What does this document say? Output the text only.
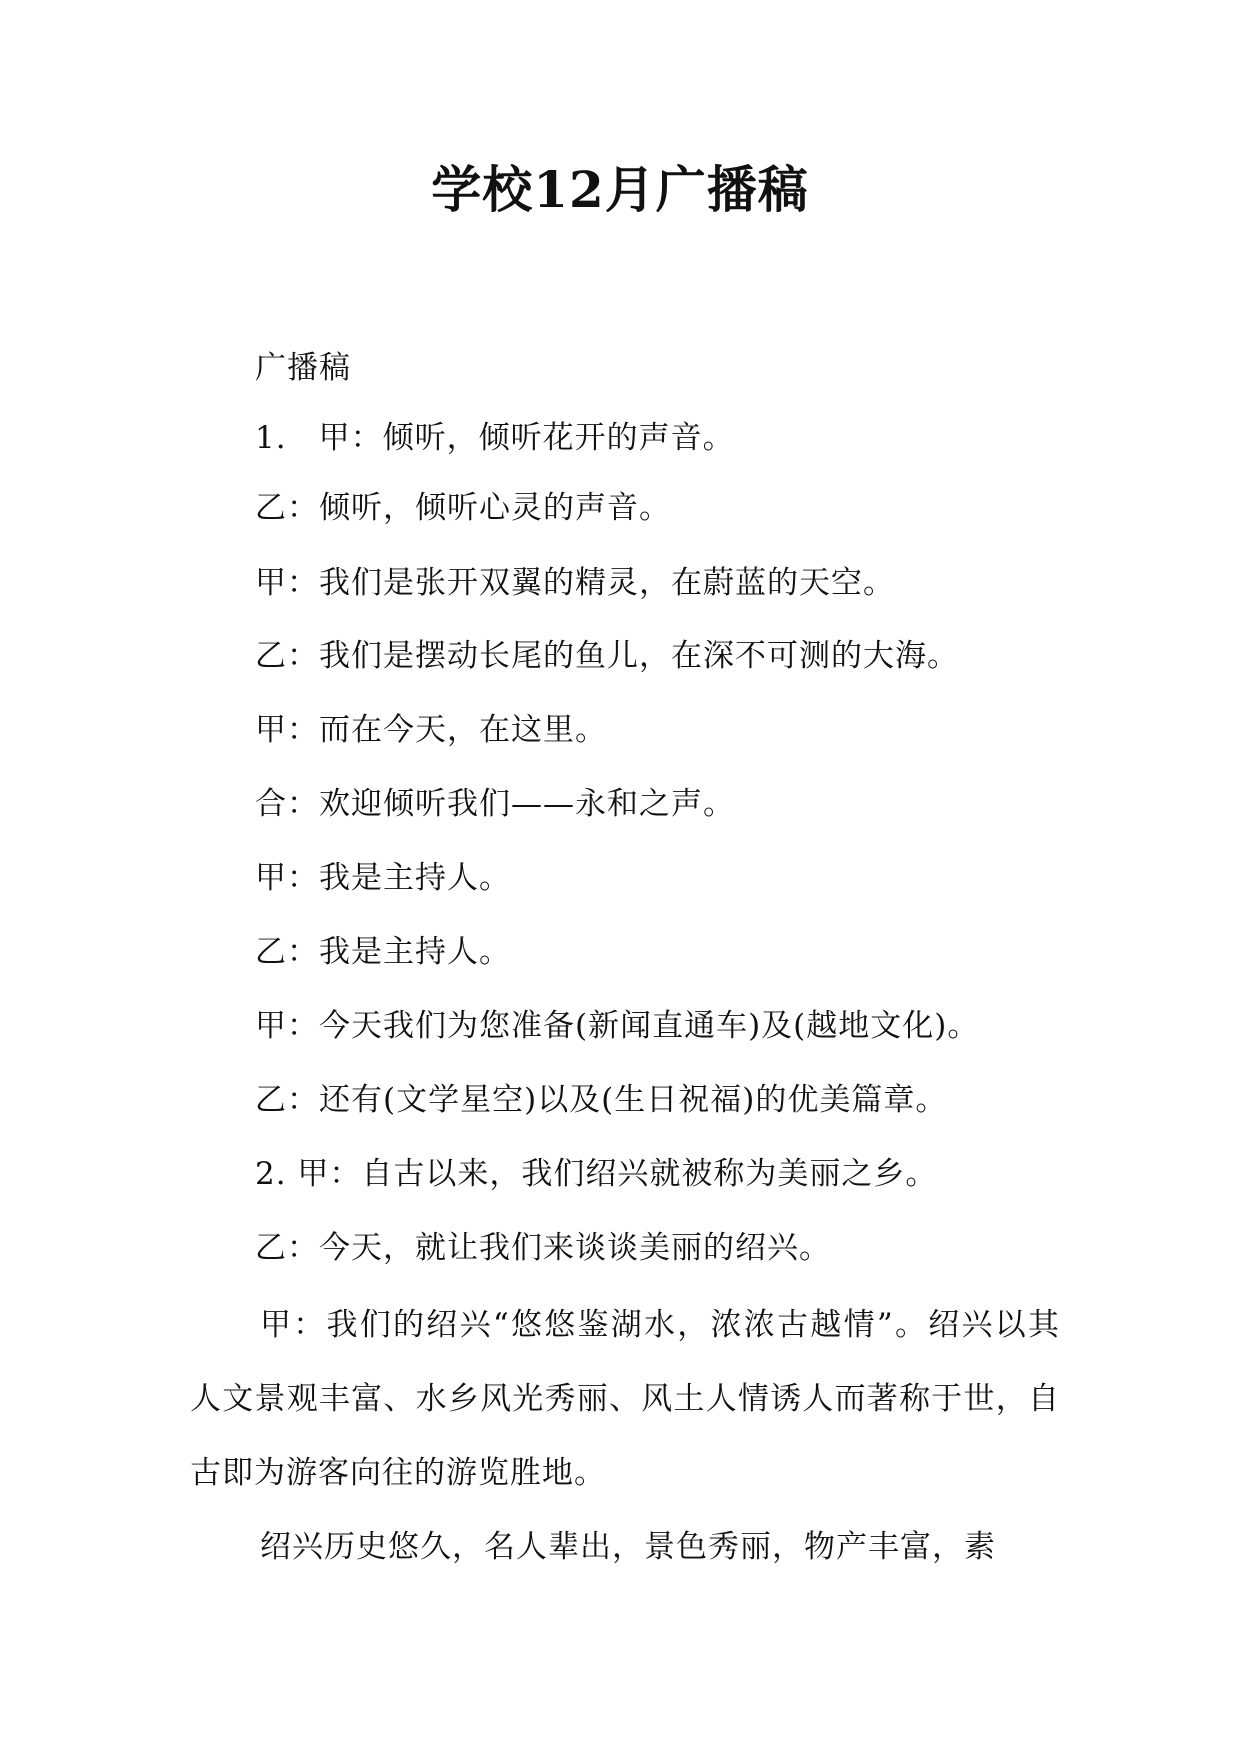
学校12月广播稿
广播稿
1.　甲：倾听，倾听花开的声音。
乙：倾听，倾听心灵的声音。
甲：我们是张开双翼的精灵，在蔚蓝的天空。
乙：我们是摆动长尾的鱼儿，在深不可测的大海。
甲：而在今天，在这里。
合：欢迎倾听我们——永和之声。
甲：我是主持人。
乙：我是主持人。
甲：今天我们为您准备(新闻直通车)及(越地文化)。
乙：还有(文学星空)以及(生日祝福)的优美篇章。
2. 甲：自古以来，我们绍兴就被称为美丽之乡。
乙：今天，就让我们来谈谈美丽的绍兴。
甲：我们的绍兴“悠悠鉴湖水，浓浓古越情”。绍兴以其人文景观丰富、水乡风光秀丽、风土人情诱人而著称于世，自古即为游客向往的游览胜地。
绍兴历史悠久，名人辈出，景色秀丽，物产丰富，素
